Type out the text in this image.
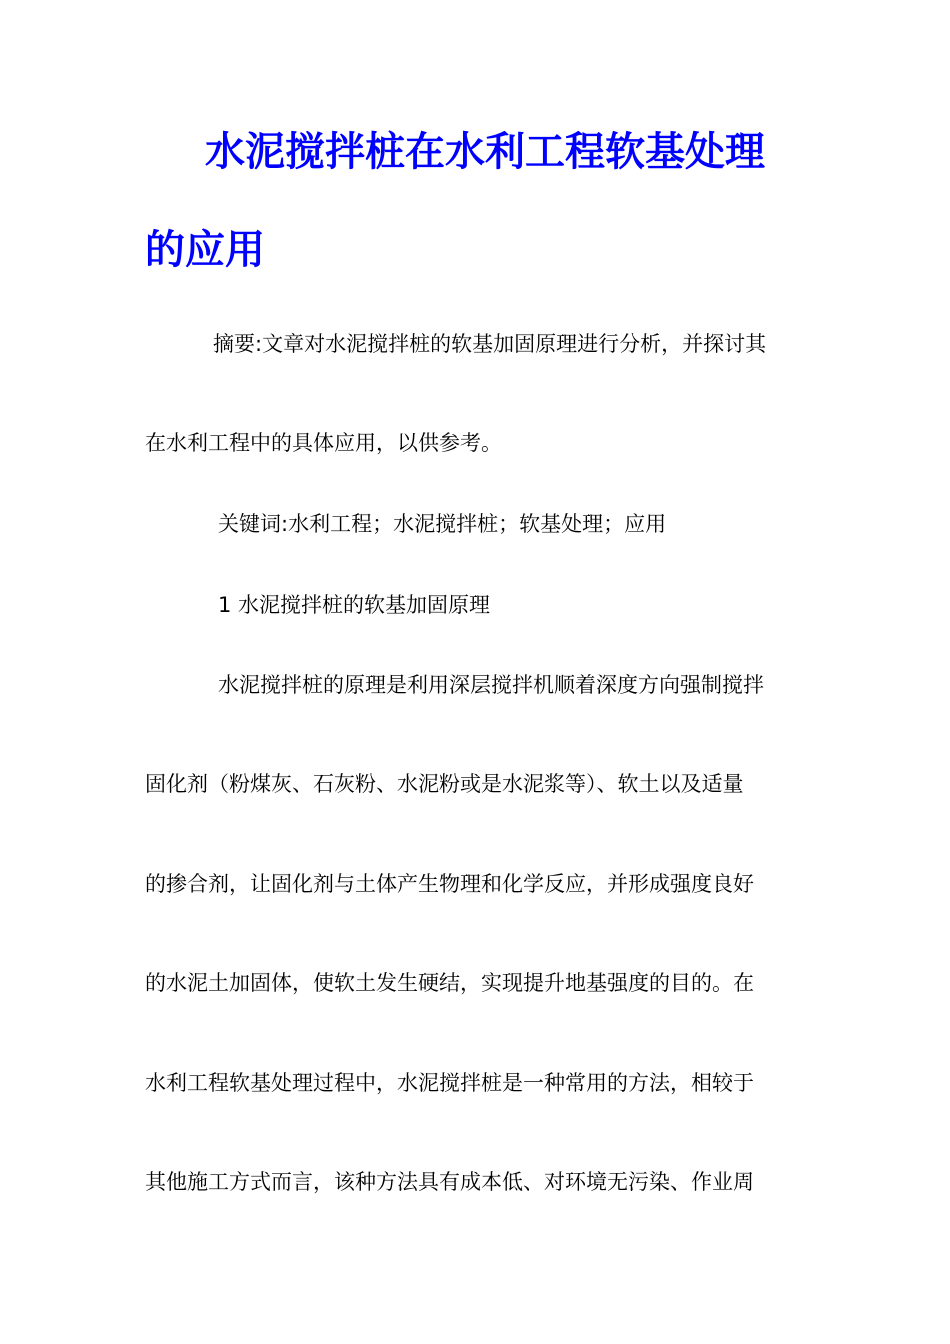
水泥搅拌桩在水利工程软基处理
的应用
摘要:文章对水泥搅拌桩的软基加固原理进行分析，并探讨其
在水利工程中的具体应用，以供参考。
关键词:水利工程；水泥搅拌桩；软基处理；应用
1 水泥搅拌桩的软基加固原理
水泥搅拌桩的原理是利用深层搅拌机顺着深度方向强制搅拌
固化剂（粉煤灰、石灰粉、水泥粉或是水泥浆等）、软土以及适量
的掺合剂，让固化剂与土体产生物理和化学反应，并形成强度良好
的水泥土加固体，使软土发生硬结，实现提升地基强度的目的。在
水利工程软基处理过程中，水泥搅拌桩是一种常用的方法，相较于
其他施工方式而言，该种方法具有成本低、对环境无污染、作业周
